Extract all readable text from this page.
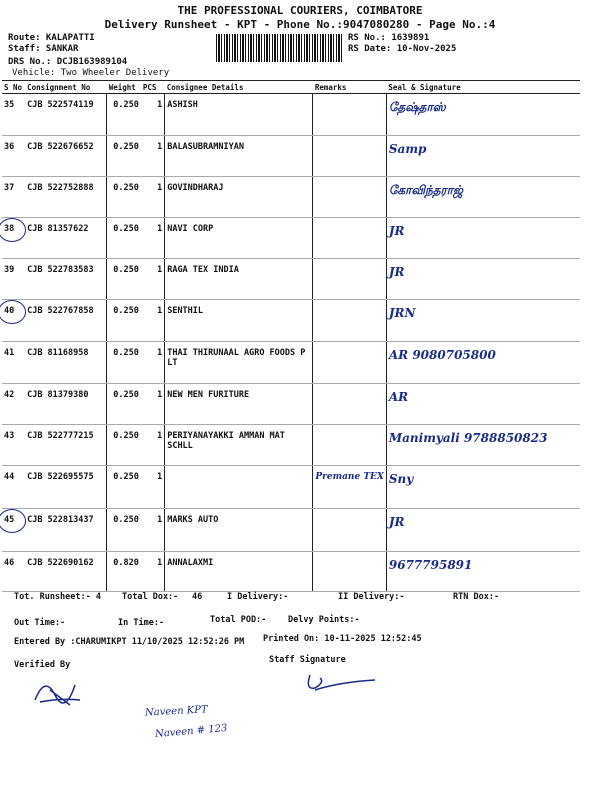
THE PROFESSIONAL COURIERS, COIMBATORE
Delivery Runsheet - KPT - Phone No.:9047080280 - Page No.:4
Route: KALAPATTI
Staff: SANKAR
DRS No.: DCJB163989104
Vehicle: Two Wheeler Delivery
RS No.: 1639891
RS Date: 10-Nov-2025
S No	Consignment No	Weight	PCS	Consignee Details	Remarks	Seal & Signature
35	CJB 522574119	0.250	1	ASHISH		தேஷ்தாஸ்
36	CJB 522676652	0.250	1	BALASUBRAMNIYAN		Samp
37	CJB 522752888	0.250	1	GOVINDHARAJ		கோவிந்தராஜ்
38	CJB 81357622	0.250	1	NAVI CORP		JR
39	CJB 522783583	0.250	1	RAGA TEX INDIA		JR
40	CJB 522767858	0.250	1	SENTHIL		JRN
41	CJB 81168958	0.250	1	THAI THIRUNAAL AGRO FOODS P LT		AR 9080705800
42	CJB 81379380	0.250	1	NEW MEN FURITURE		AR
43	CJB 522777215	0.250	1	PERIYANAYAKKI AMMAN MAT SCHLL		Manimyali 9788850823
44	CJB 522695575	0.250	1		Premane TEX	Sny
45	CJB 522813437	0.250	1	MARKS AUTO		JR
46	CJB 522690162	0.820	1	ANNALAXMI		9677795891
Tot. Runsheet:- 4 Total Dox:- 46	I Delivery:-	II Delivery:-	RTN Dox:-
Out Time:-	In Time:-	Total POD:-	Delvy Points:-
Entered By :CHARUMIKPT 11/10/2025 12:52:26 PM Printed On: 10-11-2025 12:52:45
Verified By	Staff Signature
Naveen KPT
Naveen # 123
